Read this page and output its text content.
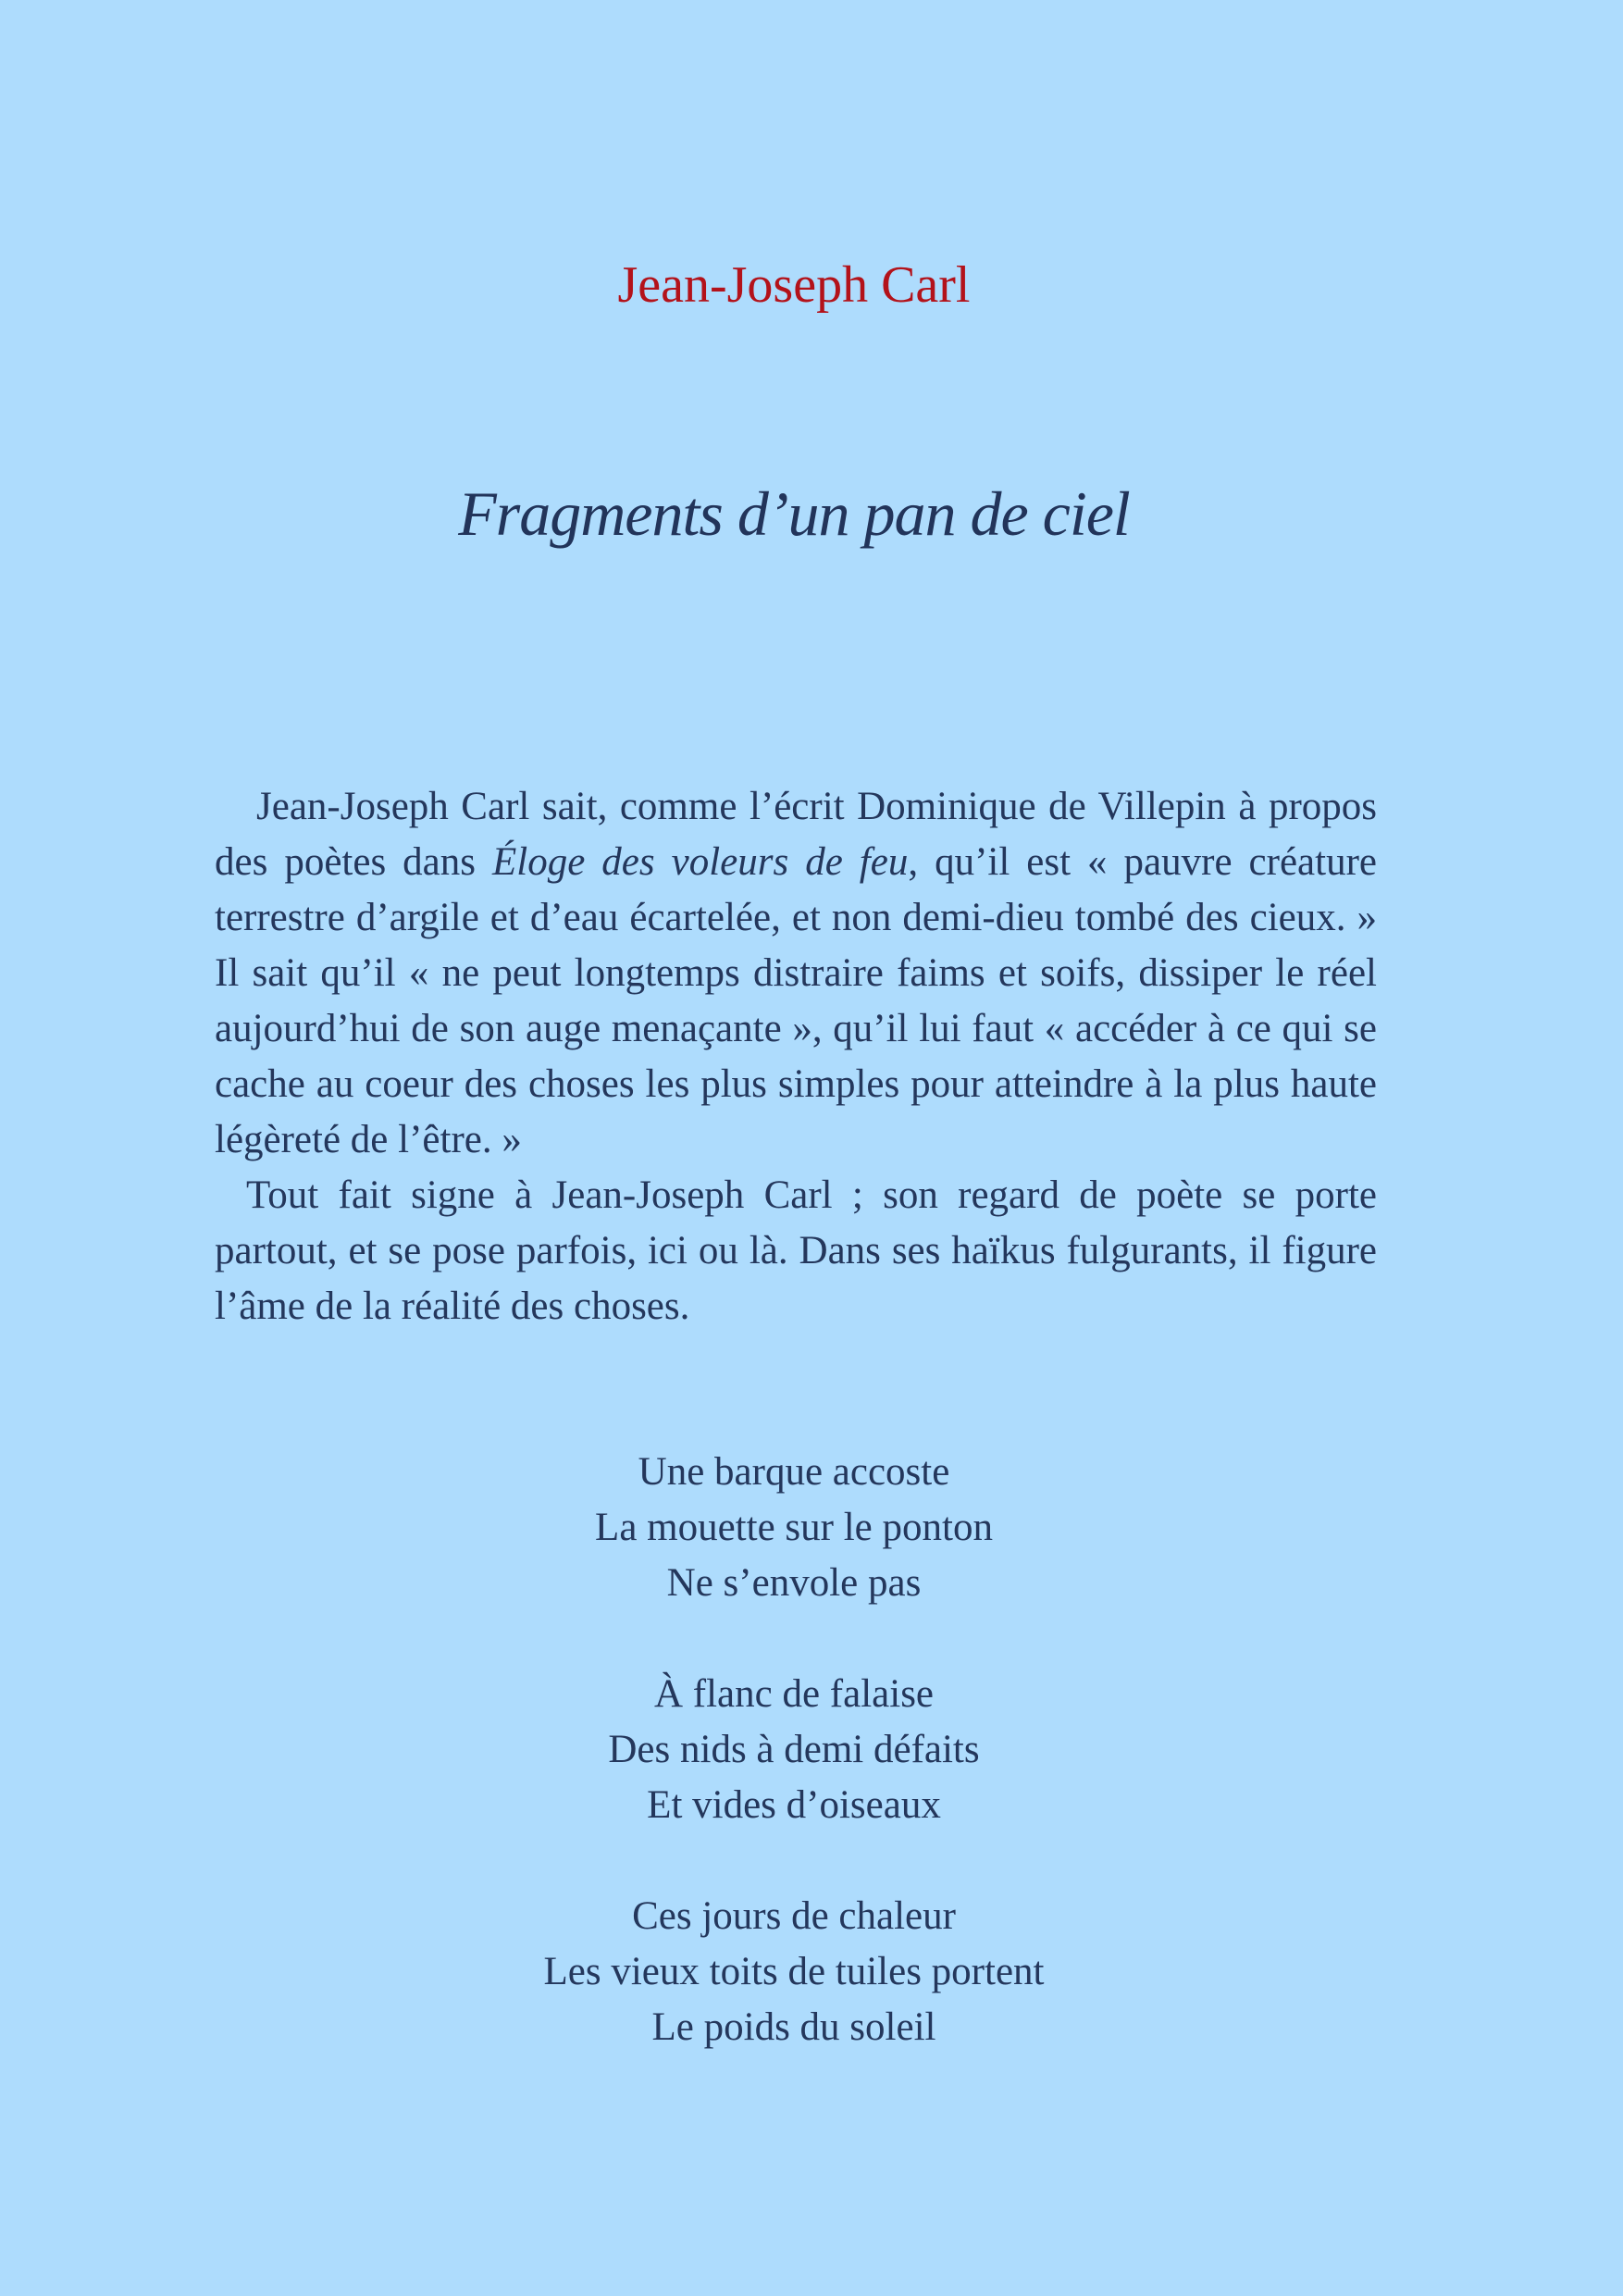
Jean-Joseph Carl
Fragments d’un pan de ciel

Jean-Joseph Carl sait, comme l’écrit Dominique de Villepin à propos des poètes dans Éloge des voleurs de feu, qu’il est « pauvre créature terrestre d’argile et d’eau écartelée, et non demi-dieu tombé des cieux. » Il sait qu’il « ne peut longtemps distraire faims et soifs, dissiper le réel aujourd’hui de son auge menaçante », qu’il lui faut « accéder à ce qui se cache au coeur des choses les plus simples pour atteindre à la plus haute légèreté de l’être. »

Tout fait signe à Jean-Joseph Carl ; son regard de poète se porte partout, et se pose parfois, ici ou là. Dans ses haïkus fulgurants, il figure l’âme de la réalité des choses.

Une barque accoste
La mouette sur le ponton
Ne s’envole pas
À flanc de falaise
Des nids à demi défaits
Et vides d’oiseaux
Ces jours de chaleur
Les vieux toits de tuiles portent
Le poids du soleil
